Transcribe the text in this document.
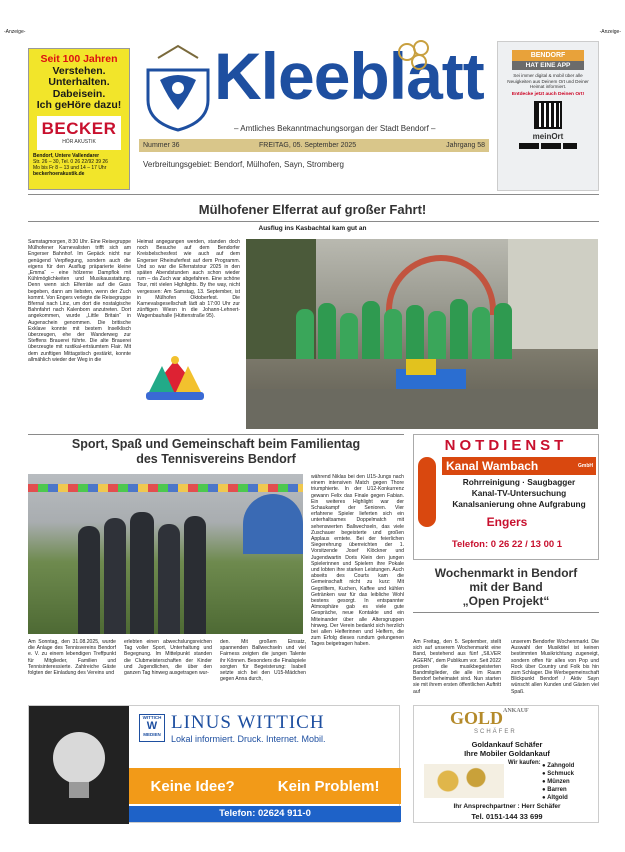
-Anzeige-	-Anzeige-
Seit 100 Jahren
Verstehen.
Unterhalten.
Dabeisein.
Ich geHöre dazu!
BECKER
HÖR AKUSTIK
Bendorf, Untere Vallendarer
Str. 26 – 30, Tel. 0 26 22/92 39 26
Mo bis Fr 8 – 13 und 14 – 17 Uhr
beckerhoerakustik.de
Kleeblatt
– Amtliches Bekanntmachungsorgan der Stadt Bendorf –
Nummer 36	FREITAG, 05. September 2025	Jahrgang 58
Verbreitungsgebiet: Bendorf, Mülhofen, Sayn, Stromberg
BENDORF
HAT EINE APP
Sei immer digital & mobil über alle Neuigkeiten aus Deinem Ort und Deiner Heimat informiert.
Entdecke jetzt auch Deinen Ort!
meinOrt
Mülhofener Elferrat auf großer Fahrt!
Ausflug ins Kasbachtal kam gut an
Samstagmorgen, 8:30 Uhr. Eine Reisegruppe Mülhofener Karnevalisten trifft sich am Engerser Bahnhof. Im Gepäck nicht nur genügend Verpflegung, sondern auch die eigens für den Ausflug präparierte kleine „Emma“ – eine hölzerne Dampflok mit Kühlmöglichkeiten und Musikausstattung. Denn wenn sich Elferräte auf die Gass begeben, dann am liebsten, wenn der Zuch kommt. Von Engers verlegte die Reisegruppe Bfernal nach Linz, um dort die nostalgische Bahnfahrt nach Kalenborn anzutreten. Dort angekommen, wurde „Little Britain“ in Augenschein genommen. Die britische Exklave konnte mit bestem Inselklisch überzeugen, ehe der Wanderweg zur Steffens Brauerei führte. Die alte Brauerei überzeugte mit rustikal-erträumtem Flair. Mit dem zunftigen Mittagstisch gestärkt, konnte allmählich wieder der Weg in die
Heimat angegangen werden, standen doch noch Besuche auf dem Bendorfer Kreisbelschesfest wie auch auf dem Engerser Rheinuferfest auf dem Programm. Und so war die Elferratstour 2025 in den späten Abendstunden auch schon wieder rum – da Zuch war abgefahren. Eine schöne Tour, mit vielen Highlights. By the way, nicht vergessen: Am Samstag, 13. September, ist in Mülhofen Oktoberfest. Die Karnevalsgesellschaft lädt ab 17:00 Uhr zur zünftigen Wiesn in die Johann-Lehnert-Wagenbauhalle (Hüttenstraße 95).
Sport, Spaß und Gemeinschaft beim Familientag
des Tennisvereins Bendorf
während Niklas bei den U15-Jungs nach einem intensiven Match gegen Thore triumphierte. In der U12-Konkurrenz gewann Felix das Finale gegen Fabian. Ein weiteres Highlight war der Schaukampf der Senioren. Vier erfahrene Spieler lieferten sich ein unterhaltsames Doppelmatch mit sehenswerten Ballwechseln, das viele Zuschauer begeisterte und großen Applaus erntete. Bei der feierlichen Siegerehrung überreichten der 1. Vorsitzende Josef Klöckner und Jugendwartin Doris Klein den jungen Spielerinnen und Spielern ihre Pokale und lobten ihre starken Leistungen. Auch abseits des Courts kam die Gemeinschaft nicht zu kurz: Mit Gegrilltem, Kuchen, Kaffee und kühlen Getränken war für das leibliche Wohl bestens gesorgt. In entspannter Atmosphäre gab es viele gute Gespräche, neue Kontakte und ein Miteinander über alle Altersgruppen hinweg. Der Verein bedankt sich herzlich bei allen Helferinnen und Helfern, die zum Erfolg dieses rundum gelungenen Tages beigetragen haben.
Am Sonntag, den 31.08.2025, wurde die Anlage des Tennisvereins Bendorf e. V. zu einem lebendigen Treffpunkt für Mitglieder, Familien und Tennisinteressierte. Zahlreiche Gäste folgten der Einladung des Vereins und
erlebten einen abwechslungsreichen Tag voller Sport, Unterhaltung und Begegnung. Im Mittelpunkt standen die Clubmeisterschaften der Kinder und Jugendlichen, die über den ganzen Tag hinweg ausgetragen wur-
den. Mit großem Einsatz, spannenden Ballwechseln und viel Fairness zeigten die jungen Talente ihr Können. Besonders die Finalspiele sorgten für Begeisterung: Isabell setzte sich bei den U15-Mädchen gegen Anna durch,
NOTDIENST
Kanal Wambach	GmbH
Rohrreinigung · Saugbagger
Kanal-TV-Untersuchung
Kanalsanierung ohne Aufgrabung
Engers
Telefon: 0 26 22 / 13 00 1
Wochenmarkt in Bendorf
mit der Band
„Open Projekt“
Am Freitag, den 5. September, stellt sich auf unserem Wochenmarkt eine Band, bestehend aus fünf „SILVER AGERN“, dem Publikum vor. Seit 2022 proben die musikbegeisterten Bandmitglieder, die alle im Raum Bendorf beheimatet sind. Nun starten sie mit ihrem ersten öffentlichen Auftritt auf
unserem Bendorfer Wochenmarkt. Die Auswahl der Musiktitel ist keinen bestimmten Musikrichtung zugeneigt, sondern offen für alles von Pop und Rock über Country und Folk bis hin zum Schlager. Die Werbegemeinschaft Blickpunkt Bendorf / Aktiv Sayn wünscht allen Kunden und Gästen viel Spaß.
WITTICH
W
MEDIEN
LINUS WITTICH
Lokal informiert. Druck. Internet. Mobil.
Keine Idee?	Kein Problem!
Telefon: 02624 911-0
$GOLD^{ANKAUF}$
SCHÄFER
Goldankauf Schäfer
Ihre Mobiler Goldankauf
Wir kaufen: ● Zahngold
● Schmuck
● Münzen
● Barren
● Altgold
Ihr Ansprechpartner : Herr Schäfer
Tel. 0151-144 33 699
